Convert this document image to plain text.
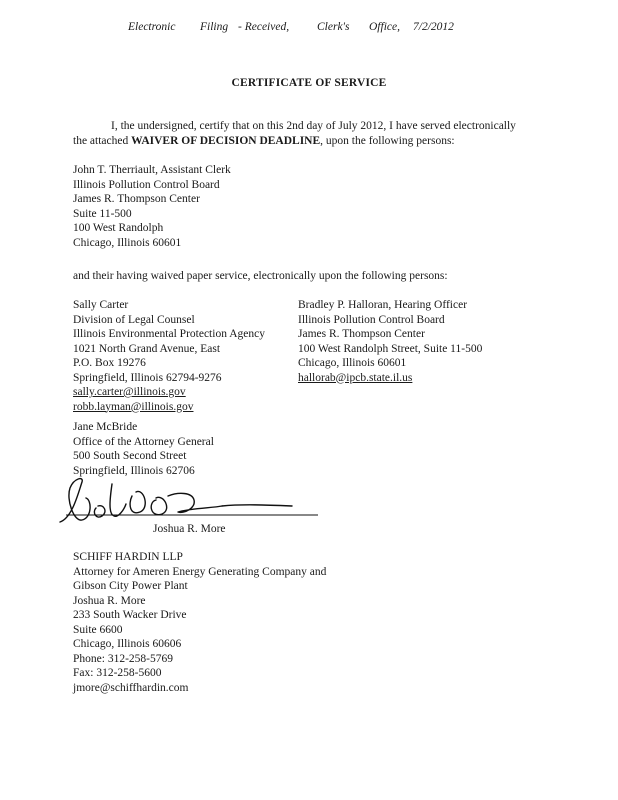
Electronic Filing - Received, Clerk's Office, 7/2/2012
CERTIFICATE OF SERVICE
I, the undersigned, certify that on this 2nd day of July 2012, I have served electronically
the attached WAIVER OF DECISION DEADLINE, upon the following persons:
John T. Therriault, Assistant Clerk
Illinois Pollution Control Board
James R. Thompson Center
Suite 11-500
100 West Randolph
Chicago, Illinois 60601
and their having waived paper service, electronically upon the following persons:
Sally Carter
Division of Legal Counsel
Illinois Environmental Protection Agency
1021 North Grand Avenue, East
P.O. Box 19276
Springfield, Illinois 62794-9276
sally.carter@illinois.gov
robb.layman@illinois.gov
Bradley P. Halloran, Hearing Officer
Illinois Pollution Control Board
James R. Thompson Center
100 West Randolph Street, Suite 11-500
Chicago, Illinois 60601
hallorab@ipcb.state.il.us
Jane McBride
Office of the Attorney General
500 South Second Street
Springfield, Illinois 62706
Joshua R. More
SCHIFF HARDIN LLP
Attorney for Ameren Energy Generating Company and
Gibson City Power Plant
Joshua R. More
233 South Wacker Drive
Suite 6600
Chicago, Illinois 60606
Phone: 312-258-5769
Fax: 312-258-5600
jmore@schiffhardin.com
